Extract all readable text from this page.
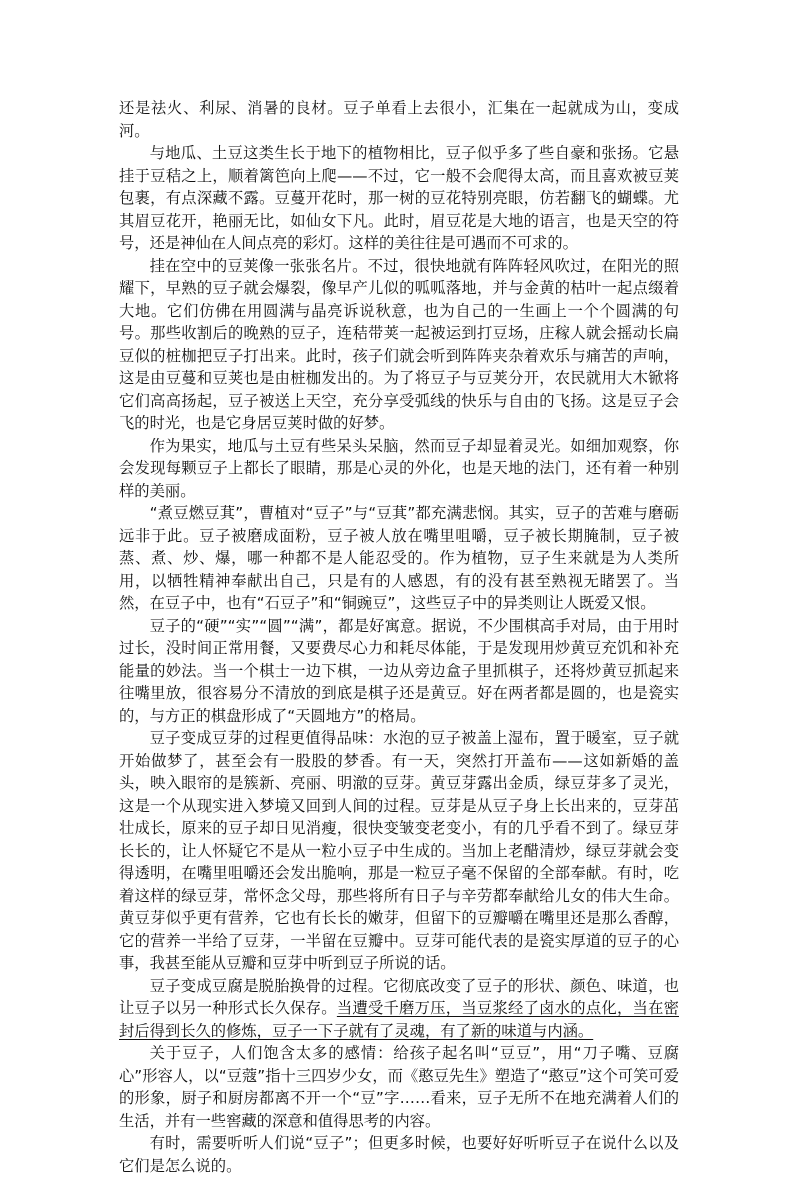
还是祛火、利尿、消暑的良材。豆子单看上去很小，汇集在一起就成为山，变成河。

与地瓜、土豆这类生长于地下的植物相比，豆子似乎多了些自豪和张扬。它悬挂于豆秸之上，顺着篱笆向上爬——不过，它一般不会爬得太高，而且喜欢被豆荚包裹，有点深藏不露。豆蔓开花时，那一树的豆花特别亮眼，仿若翻飞的蝴蝶。尤其眉豆花开，艳丽无比，如仙女下凡。此时，眉豆花是大地的语言，也是天空的符号，还是神仙在人间点亮的彩灯。这样的美往往是可遇而不可求的。

挂在空中的豆荚像一张张名片。不过，很快地就有阵阵轻风吹过，在阳光的照耀下，早熟的豆子就会爆裂，像早产儿似的呱呱落地，并与金黄的枯叶一起点缀着大地。它们仿佛在用圆满与晶亮诉说秋意，也为自己的一生画上一个个圆满的句号。那些收割后的晚熟的豆子，连秸带荚一起被运到打豆场，庄稼人就会摇动长扁豆似的桩枷把豆子打出来。此时，孩子们就会听到阵阵夹杂着欢乐与痛苦的声响，这是由豆蔓和豆荚也是由桩枷发出的。为了将豆子与豆荚分开，农民就用大木锨将它们高高扬起，豆子被送上天空，充分享受弧线的快乐与自由的飞扬。这是豆子会飞的时光，也是它身居豆荚时做的好梦。

作为果实，地瓜与土豆有些呆头呆脑，然而豆子却显着灵光。如细加观察，你会发现每颗豆子上都长了眼睛，那是心灵的外化，也是天地的法门，还有着一种别样的美丽。

“煮豆燃豆萁”，曹植对“豆子”与“豆萁”都充满悲悯。其实，豆子的苦难与磨砺远非于此。豆子被磨成面粉，豆子被人放在嘴里咀嚼，豆子被长期腌制，豆子被蒸、煮、炒、爆，哪一种都不是人能忍受的。作为植物，豆子生来就是为人类所用，以牺牲精神奉献出自己，只是有的人感恩，有的没有甚至熟视无睹罢了。当然，在豆子中，也有“石豆子”和“铜豌豆”，这些豆子中的异类则让人既爱又恨。

豆子的“硬”“实”“圆”“满”，都是好寓意。据说，不少围棋高手对局，由于用时过长，没时间正常用餐，又要费尽心力和耗尽体能，于是发现用炒黄豆充饥和补充能量的妙法。当一个棋士一边下棋，一边从旁边盒子里抓棋子，还将炒黄豆抓起来往嘴里放，很容易分不清放的到底是棋子还是黄豆。好在两者都是圆的，也是瓷实的，与方正的棋盘形成了“天圆地方”的格局。

豆子变成豆芽的过程更值得品味：水泡的豆子被盖上湿布，置于暖室，豆子就开始做梦了，甚至会有一股股的梦香。有一天，突然打开盖布——这如新婚的盖头，映入眼帘的是簇新、亮丽、明澈的豆芽。黄豆芽露出金质，绿豆芽多了灵光，这是一个从现实进入梦境又回到人间的过程。豆芽是从豆子身上长出来的，豆芽茁壮成长，原来的豆子却日见消瘦，很快变皱变老变小，有的几乎看不到了。绿豆芽长长的，让人怀疑它不是从一粒小豆子中生成的。当加上老醋清炒，绿豆芽就会变得透明，在嘴里咀嚼还会发出脆响，那是一粒豆子毫不保留的全部奉献。有时，吃着这样的绿豆芽，常怀念父母，那些将所有日子与辛劳都奉献给儿女的伟大生命。黄豆芽似乎更有营养，它也有长长的嫩芽，但留下的豆瓣嚼在嘴里还是那么香醇，它的营养一半给了豆芽，一半留在豆瓣中。豆芽可能代表的是瓷实厚道的豆子的心事，我甚至能从豆瓣和豆芽中听到豆子所说的话。

豆子变成豆腐是脱胎换骨的过程。它彻底改变了豆子的形状、颜色、味道，也让豆子以另一种形式长久保存。当遭受千磨万压，当豆浆经了卤水的点化，当在密封后得到长久的修炼，豆子一下子就有了灵魂，有了新的味道与内涵。

关于豆子，人们饱含太多的感情：给孩子起名叫“豆豆”，用“刀子嘴、豆腐心”形容人，以“豆蔻”指十三四岁少女，而《憨豆先生》塑造了“憨豆”这个可笑可爱的形象，厨子和厨房都离不开一个“豆”字……看来，豆子无所不在地充满着人们的生活，并有一些窖藏的深意和值得思考的内容。

有时，需要听听人们说“豆子”；但更多时候，也要好好听听豆子在说什么以及它们是怎么说的。
